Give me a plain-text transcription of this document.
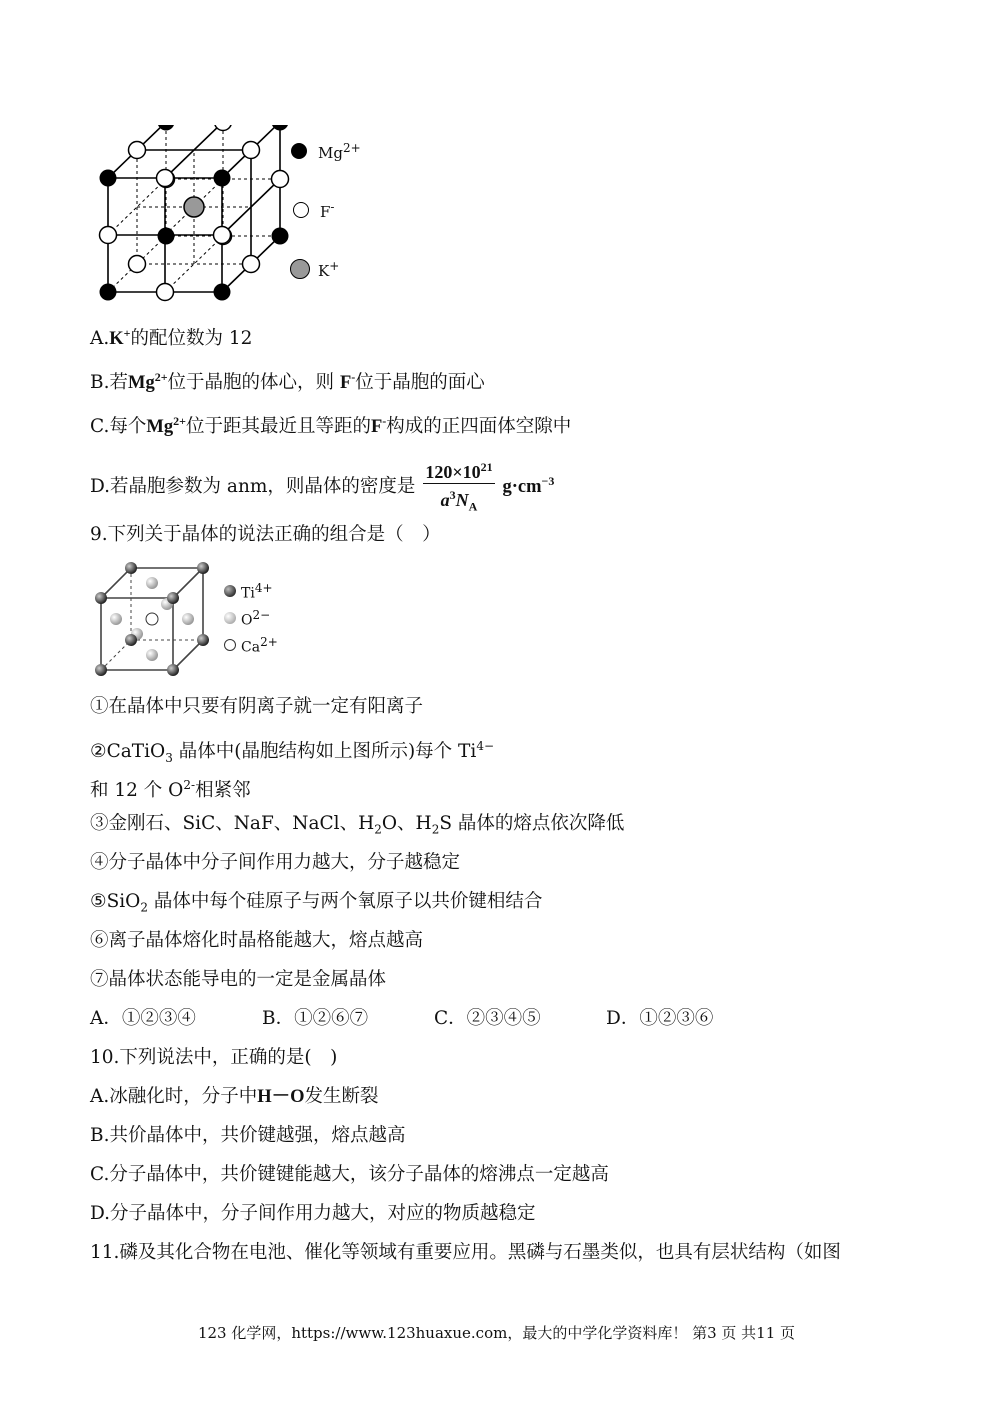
$Mg^{2+}$
F-
K+
A.K+的配位数为 12
B.若$Mg^{2+}$位于晶胞的体心，则 F-位于晶胞的面心
C.每个$Mg^{2+}$位于距其最近且等距的F-构成的正四面体空隙中
D.若晶胞参数为 anm，则晶体的密度是 $\frac{120\times 10^{21}}{a^3N_A} g\cdot cm^{-3}$
9.下列关于晶体的说法正确的组合是（　）
$Ti^{4+}$
$O^{2-}$
$Ca^{2+}$
①在晶体中只要有阴离子就一定有阳离子
②CaTiO$_3$ 晶体中(晶胞结构如上图所示)每个 $Ti^{4-}$
和 12 个 $O^{2-}$相紧邻
③金刚石、SiC、NaF、NaCl、$H_2O$、$H_2S$ 晶体的熔点依次降低
④分子晶体中分子间作用力越大，分子越稳定
⑤SiO$_2$ 晶体中每个硅原子与两个氧原子以共价键相结合
⑥离子晶体熔化时晶格能越大，熔点越高
⑦晶体状态能导电的一定是金属晶体
A．①②③④	B．①②⑥⑦	C．②③④⑤	D．①②③⑥
10.下列说法中，正确的是(　)
A.冰融化时，分子中H－O发生断裂
B.共价晶体中，共价键越强，熔点越高
C.分子晶体中，共价键键能越大，该分子晶体的熔沸点一定越高
D.分子晶体中，分子间作用力越大，对应的物质越稳定
11.磷及其化合物在电池、催化等领域有重要应用。黑磷与石墨类似，也具有层状结构（如图
123 化学网，https://www.123huaxue.com，最大的中学化学资料库！ 第3 页 共11 页
